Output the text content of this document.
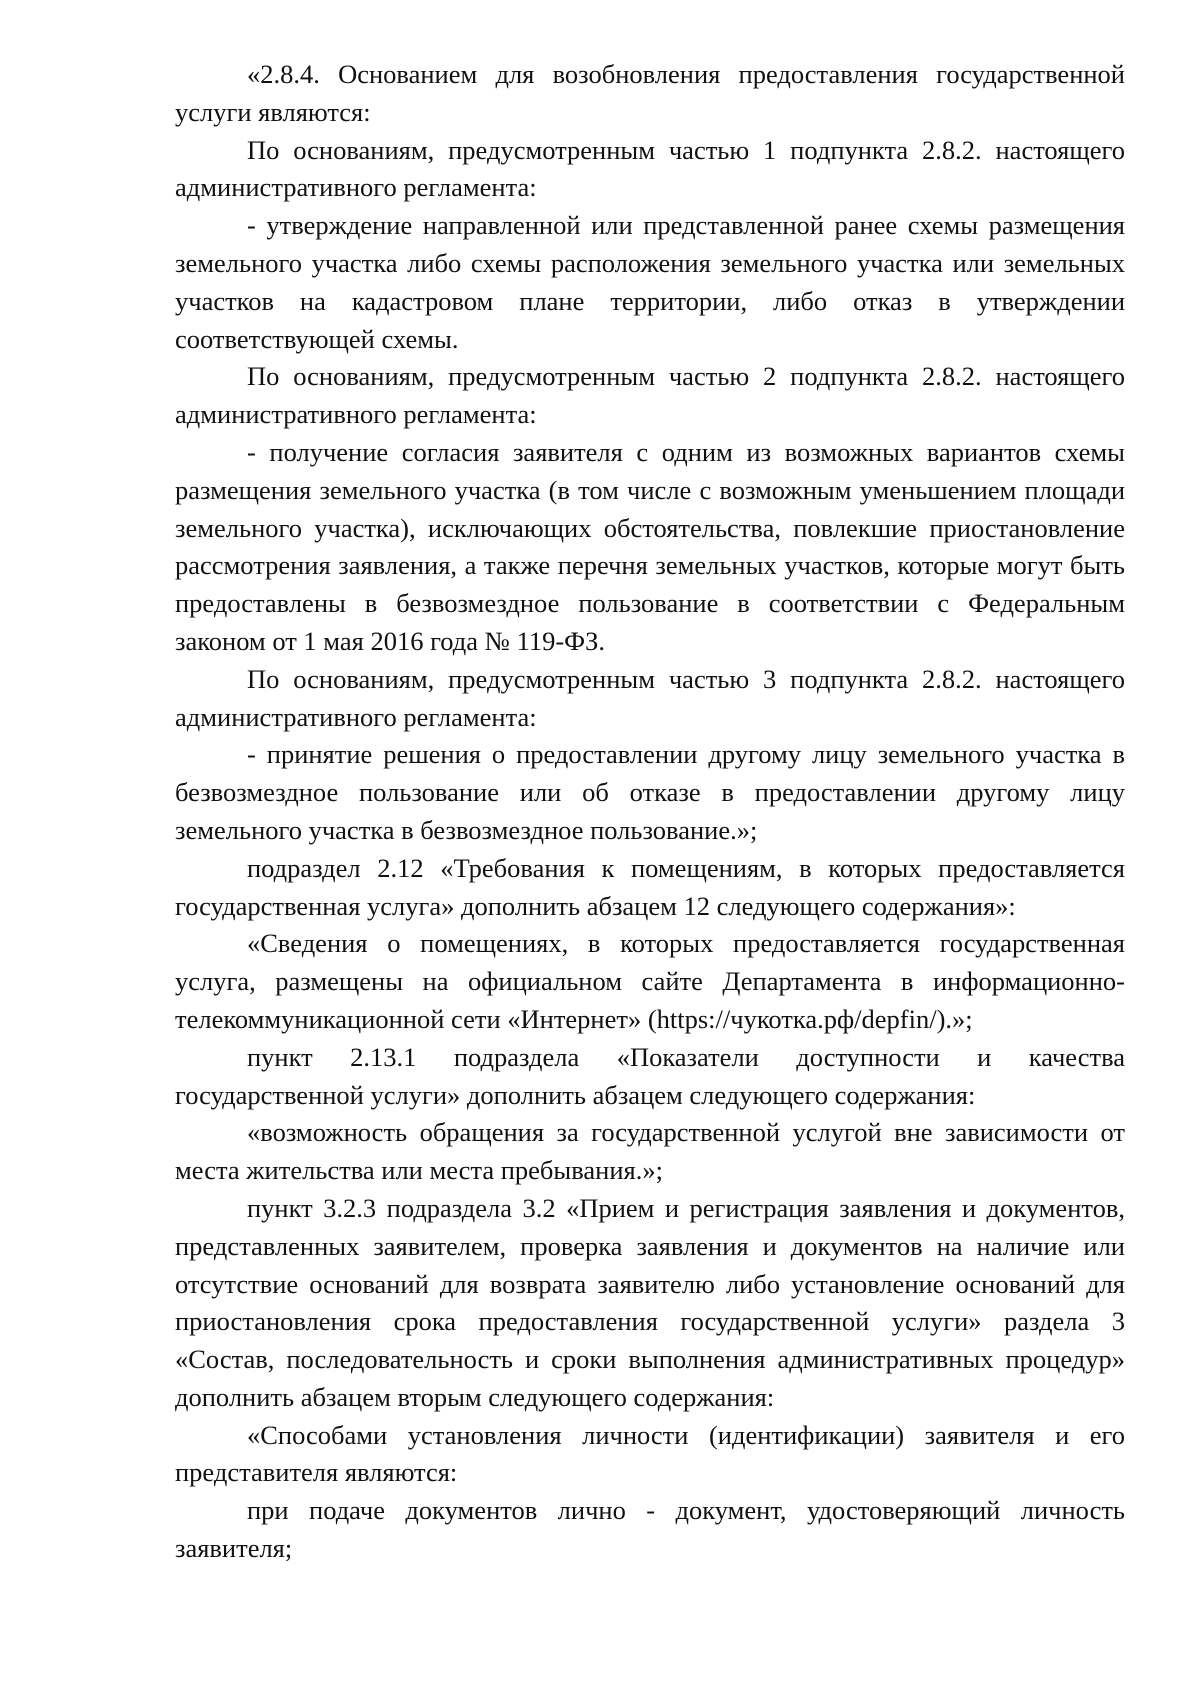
«2.8.4. Основанием для возобновления предоставления государственной услуги являются:

По основаниям, предусмотренным частью 1 подпункта 2.8.2. настоящего административного регламента:

- утверждение направленной или представленной ранее схемы размещения земельного участка либо схемы расположения земельного участка или земельных участков на кадастровом плане территории, либо отказ в утверждении соответствующей схемы.

По основаниям, предусмотренным частью 2 подпункта 2.8.2. настоящего административного регламента:

- получение согласия заявителя с одним из возможных вариантов схемы размещения земельного участка (в том числе с возможным уменьшением площади земельного участка), исключающих обстоятельства, повлекшие приостановление рассмотрения заявления, а также перечня земельных участков, которые могут быть предоставлены в безвозмездное пользование в соответствии с Федеральным законом от 1 мая 2016 года № 119-ФЗ.

По основаниям, предусмотренным частью 3 подпункта 2.8.2. настоящего административного регламента:

- принятие решения о предоставлении другому лицу земельного участка в безвозмездное пользование или об отказе в предоставлении другому лицу земельного участка в безвозмездное пользование.»;

подраздел 2.12 «Требования к помещениям, в которых предоставляется государственная услуга» дополнить абзацем 12 следующего содержания»:

«Сведения о помещениях, в которых предоставляется государственная услуга, размещены на официальном сайте Департамента в информационно-телекоммуникационной сети «Интернет» (https://чукотка.рф/depfin/).»;

пункт 2.13.1 подраздела «Показатели доступности и качества государственной услуги» дополнить абзацем следующего содержания:

«возможность обращения за государственной услугой вне зависимости от места жительства или места пребывания.»;

пункт 3.2.3 подраздела 3.2 «Прием и регистрация заявления и документов, представленных заявителем, проверка заявления и документов на наличие или отсутствие оснований для возврата заявителю либо установление оснований для приостановления срока предоставления государственной услуги» раздела 3 «Состав, последовательность и сроки выполнения административных процедур» дополнить абзацем вторым следующего содержания:

«Способами установления личности (идентификации) заявителя и его представителя являются:

при подаче документов лично - документ, удостоверяющий личность заявителя;
